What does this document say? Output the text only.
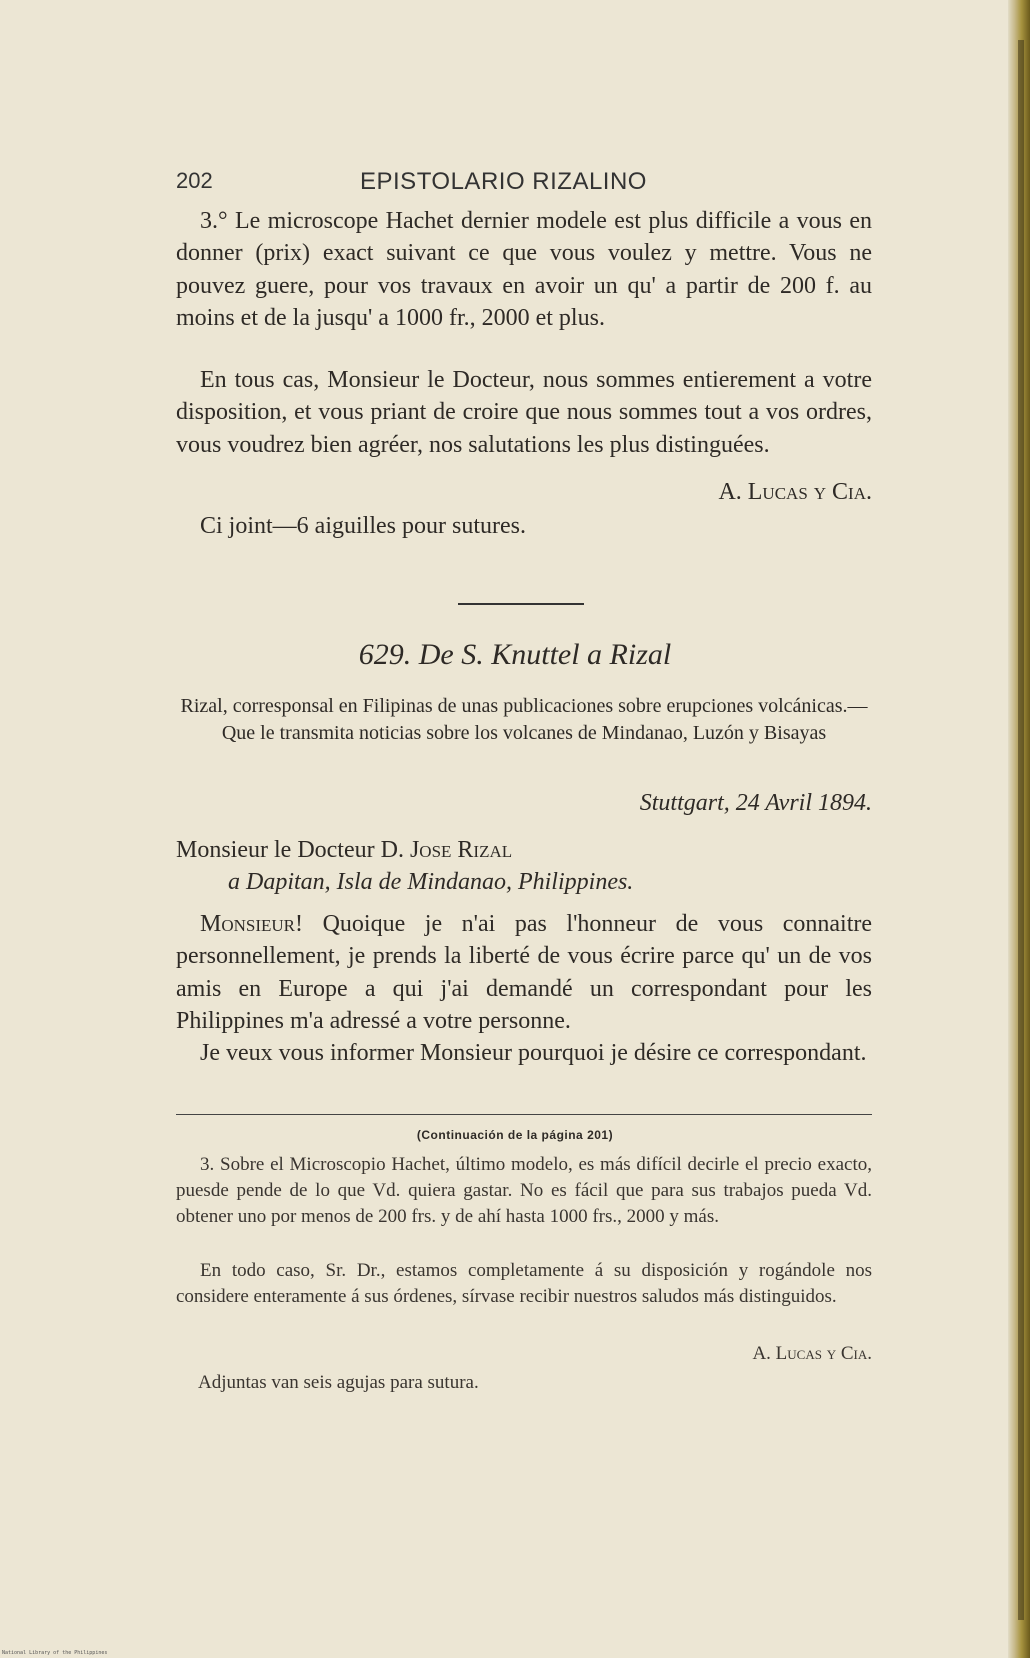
202	EPISTOLARIO RIZALINO
3.° Le microscope Hachet dernier modele est plus difficile a vous en donner (prix) exact suivant ce que vous voulez y mettre. Vous ne pouvez guere, pour vos travaux en avoir un qu' a partir de 200 f. au moins et de la jusqu' a 1000 fr., 2000 et plus.
En tous cas, Monsieur le Docteur, nous sommes entierement a votre disposition, et vous priant de croire que nous sommes tout a vos ordres, vous voudrez bien agréer, nos salutations les plus distinguées.
A. Lucas y Cia.
Ci joint—6 aiguilles pour sutures.
629. De S. Knuttel a Rizal
Rizal, corresponsal en Filipinas de unas publicaciones sobre erupciones volcánicas.—Que le transmita noticias sobre los volcanes de Mindanao, Luzón y Bisayas
Stuttgart, 24 Avril 1894.
Monsieur le Docteur D. Jose Rizal
a Dapitan, Isla de Mindanao, Philippines.
Monsieur! Quoique je n'ai pas l'honneur de vous connaitre personnellement, je prends la liberté de vous écrire parce qu' un de vos amis en Europe a qui j'ai demandé un correspondant pour les Philippines m'a adressé a votre personne.
Je veux vous informer Monsieur pourquoi je désire ce correspondant.
(Continuación de la página 201)
3. Sobre el Microscopio Hachet, último modelo, es más difícil decirle el precio exacto, puesde pende de lo que Vd. quiera gastar. No es fácil que para sus trabajos pueda Vd. obtener uno por menos de 200 frs. y de ahí hasta 1000 frs., 2000 y más.
En todo caso, Sr. Dr., estamos completamente á su disposición y rogándole nos considere enteramente á sus órdenes, sírvase recibir nuestros saludos más distinguidos.
A. Lucas y Cia.
Adjuntas van seis agujas para sutura.
National Library of the Philippines
